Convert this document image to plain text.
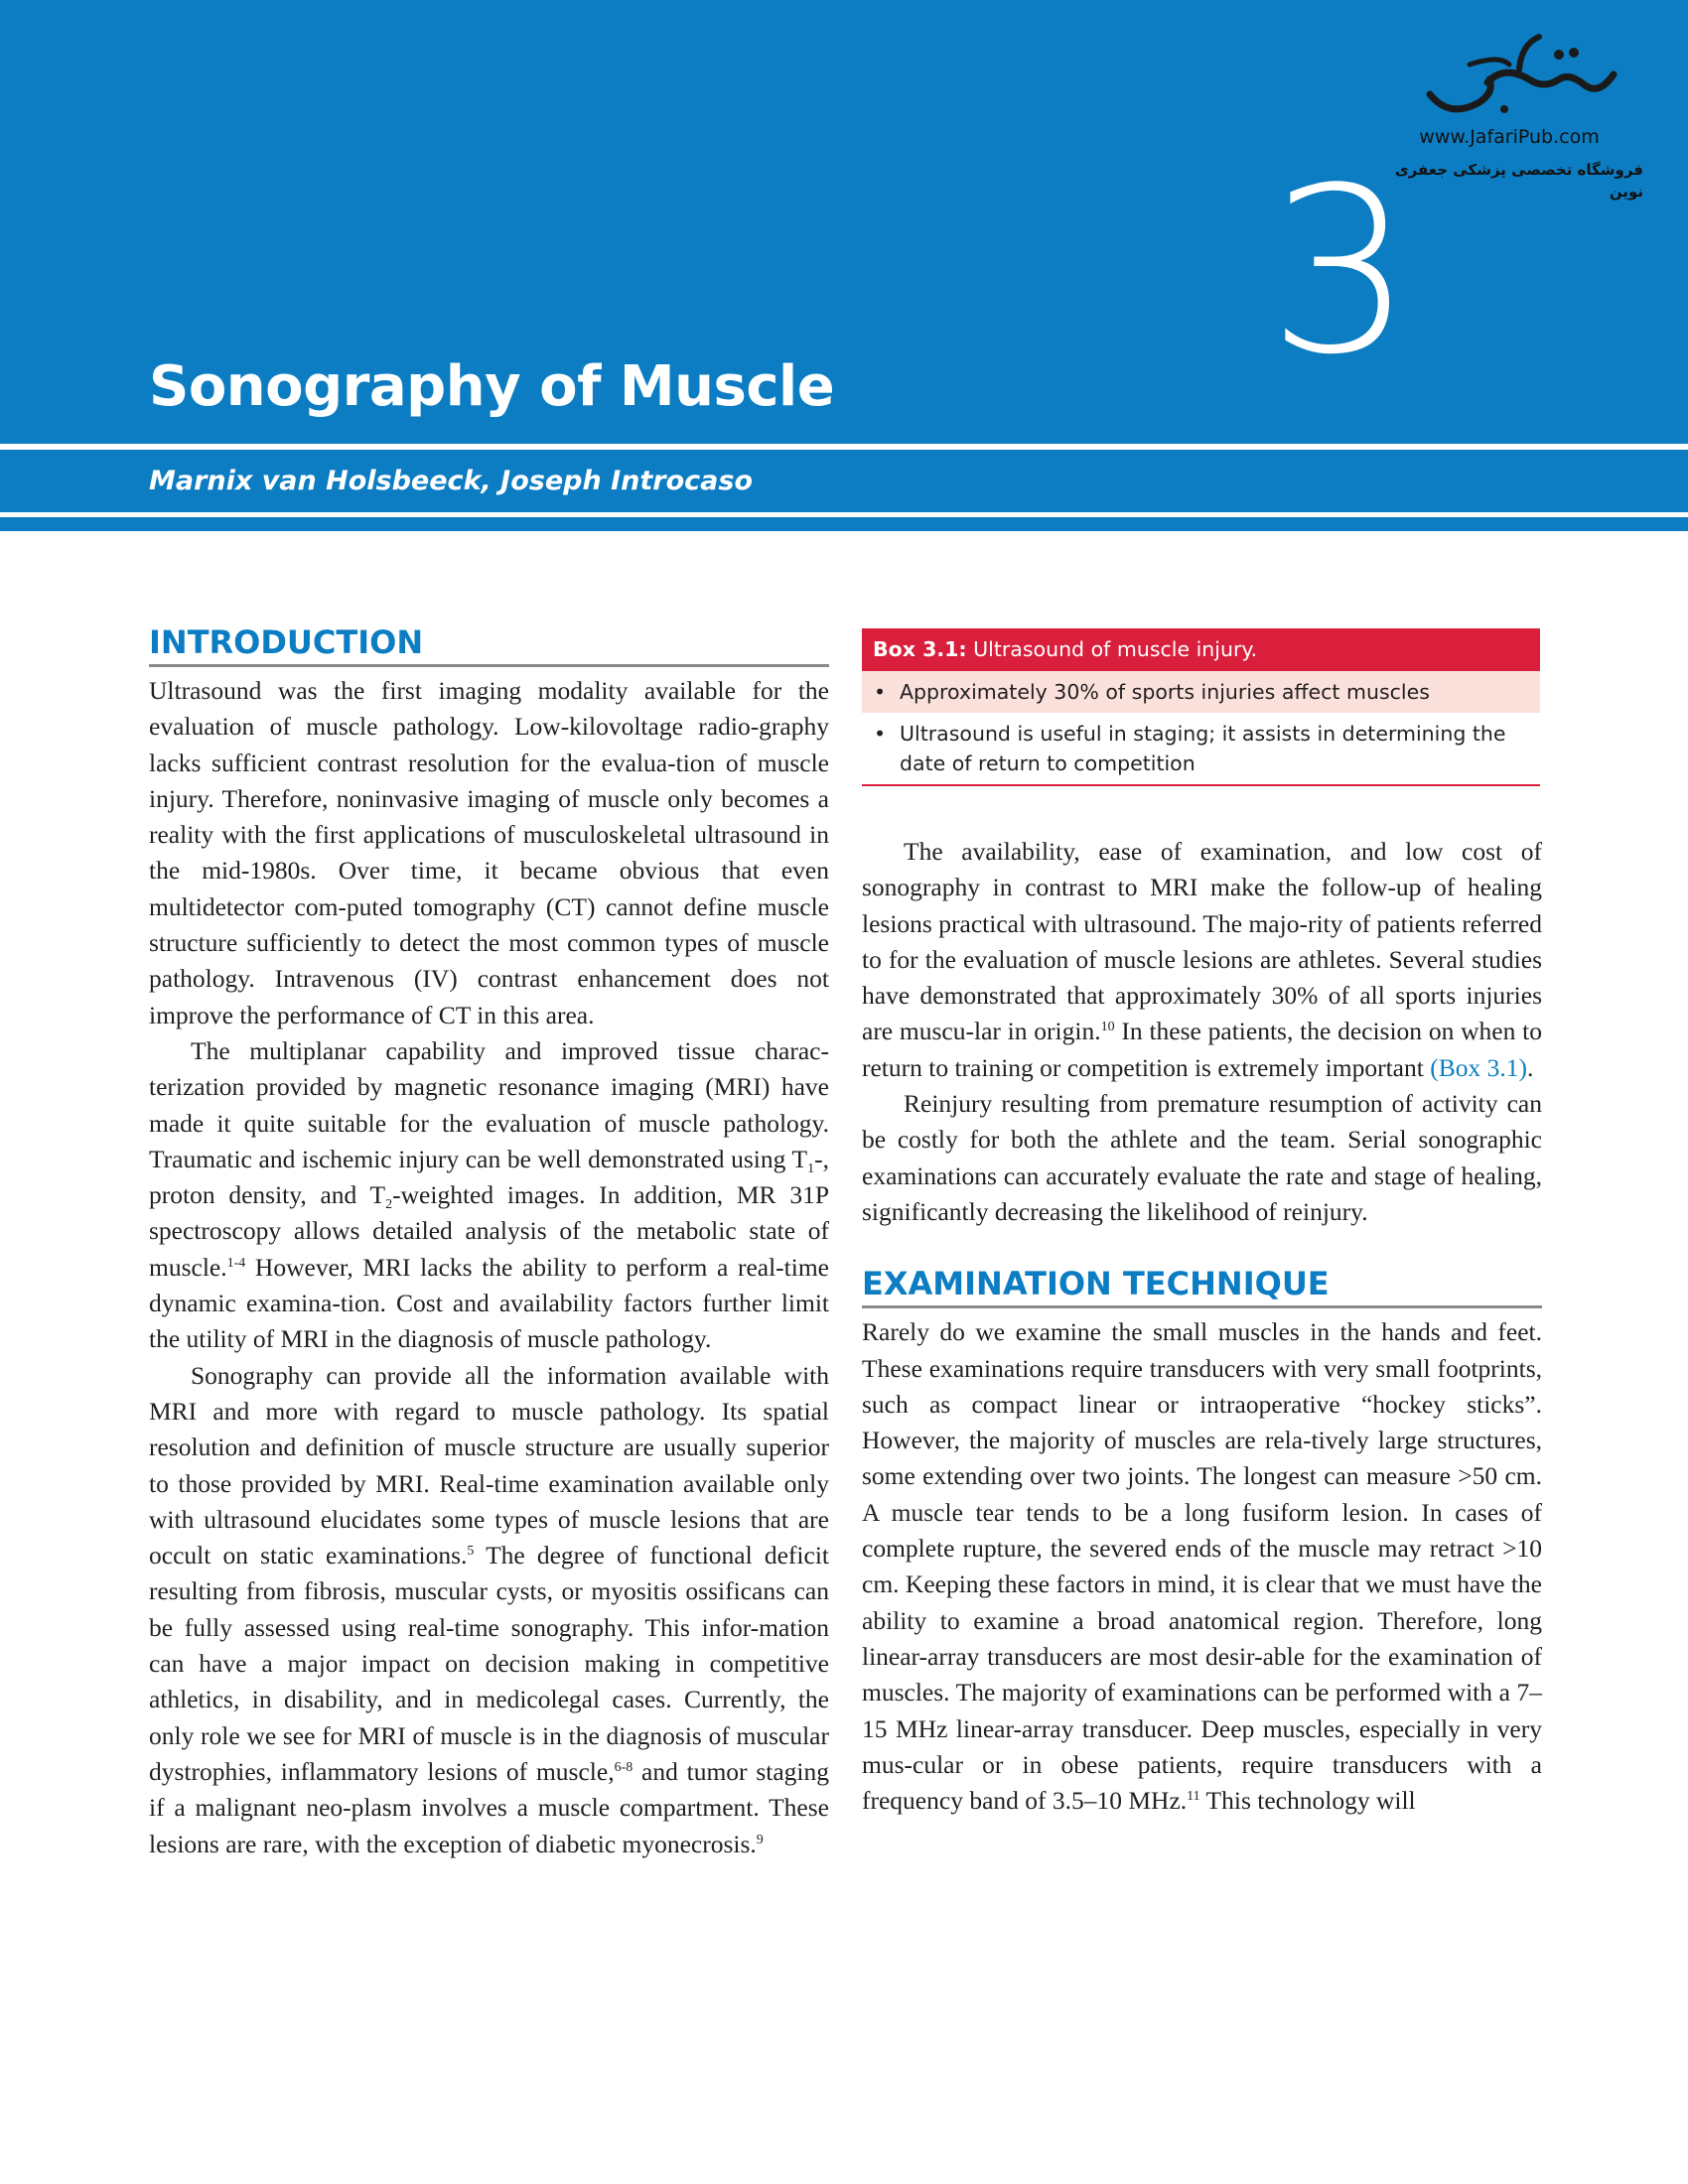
www.JafariPub.com
فروشگاه تخصصی پزشکی جعفری نوین
3
Sonography of Muscle
Marnix van Holsbeeck, Joseph Introcaso
INTRODUCTION

Ultrasound was the first imaging modality available for the evaluation of muscle pathology. Low-kilovoltage radio-graphy lacks sufficient contrast resolution for the evalua-tion of muscle injury. Therefore, noninvasive imaging of muscle only becomes a reality with the first applications of musculoskeletal ultrasound in the mid-1980s. Over time, it became obvious that even multidetector com-puted tomography (CT) cannot define muscle structure sufficiently to detect the most common types of muscle pathology. Intravenous (IV) contrast enhancement does not improve the performance of CT in this area.

The multiplanar capability and improved tissue charac-terization provided by magnetic resonance imaging (MRI) have made it quite suitable for the evaluation of muscle pathology. Traumatic and ischemic injury can be well demonstrated using $T_1-$, proton density, and $T_2$-weighted images. In addition, MR 31P spectroscopy allows detailed analysis of the metabolic state of muscle.$^{1-4}$ However, MRI lacks the ability to perform a real-time dynamic examina-tion. Cost and availability factors further limit the utility of MRI in the diagnosis of muscle pathology.

Sonography can provide all the information available with MRI and more with regard to muscle pathology. Its spatial resolution and definition of muscle structure are usually superior to those provided by MRI. Real-time examination available only with ultrasound elucidates some types of muscle lesions that are occult on static examinations.$^5$ The degree of functional deficit resulting from fibrosis, muscular cysts, or myositis ossificans can be fully assessed using real-time sonography. This infor-mation can have a major impact on decision making in competitive athletics, in disability, and in medicolegal cases. Currently, the only role we see for MRI of muscle is in the diagnosis of muscular dystrophies, inflammatory lesions of muscle,$^{6-8}$ and tumor staging if a malignant neo-plasm involves a muscle compartment. These lesions are rare, with the exception of diabetic myonecrosis.$^9$

Box 3.1: Ultrasound of muscle injury.
• Approximately 30% of sports injuries affect muscles
• Ultrasound is useful in staging; it assists in determining the date of return to competition

The availability, ease of examination, and low cost of sonography in contrast to MRI make the follow-up of healing lesions practical with ultrasound. The majo-rity of patients referred to for the evaluation of muscle lesions are athletes. Several studies have demonstrated that approximately 30% of all sports injuries are muscu-lar in origin.$^{10}$ In these patients, the decision on when to return to training or competition is extremely important (Box 3.1).

Reinjury resulting from premature resumption of activity can be costly for both the athlete and the team. Serial sonographic examinations can accurately evaluate the rate and stage of healing, significantly decreasing the likelihood of reinjury.

EXAMINATION TECHNIQUE

Rarely do we examine the small muscles in the hands and feet. These examinations require transducers with very small footprints, such as compact linear or intraoperative “hockey sticks”. However, the majority of muscles are rela-tively large structures, some extending over two joints. The longest can measure >50 cm. A muscle tear tends to be a long fusiform lesion. In cases of complete rupture, the severed ends of the muscle may retract >10 cm. Keeping these factors in mind, it is clear that we must have the ability to examine a broad anatomical region. Therefore, long linear-array transducers are most desir-able for the examination of muscles. The majority of examinations can be performed with a 7–15 MHz linear-array transducer. Deep muscles, especially in very mus-cular or in obese patients, require transducers with a frequency band of 3.5–10 MHz.$^{11}$ This technology will
